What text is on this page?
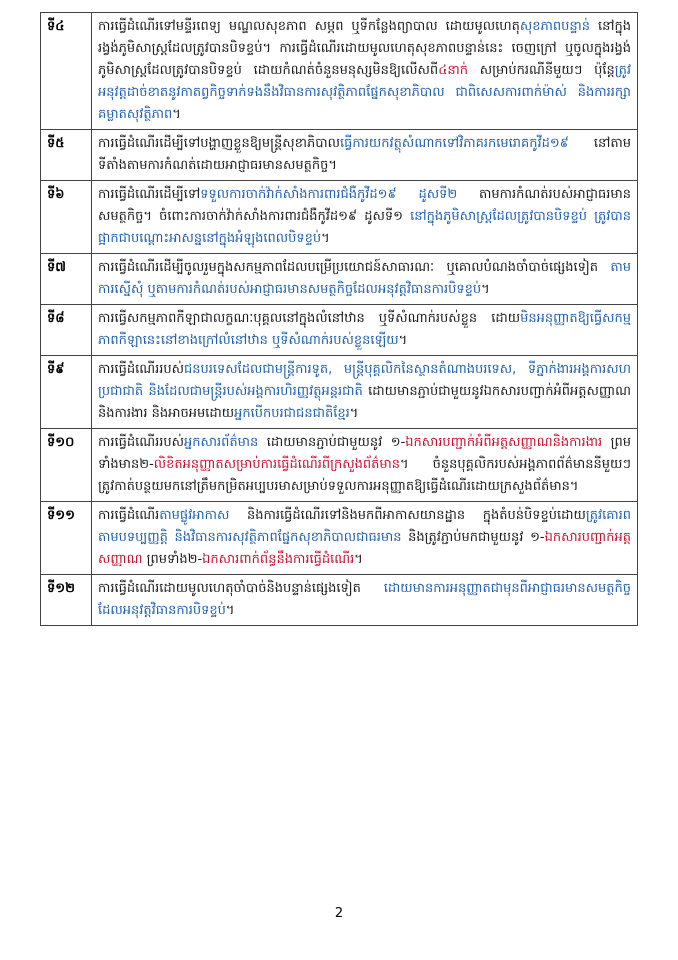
ទី៤	ការធ្វើដំណើរទៅមន្ទីរពេទ្យ មណ្ឌលសុខភាព សម្ភព ឬទីកន្លែងព្យាបាល ដោយមូលហេតុសុខភាពបន្ទាន់ នៅក្នុងរង្វង់ភូមិសាស្ត្រដែលត្រូវបានបិទខ្ទប់។ ការធ្វើដំណើរដោយមូលហេតុសុខភាពបន្ទាន់នេះ ចេញក្រៅ ឬចូលក្នុងរង្វង់ភូមិសាស្ត្រដែលត្រូវបានបិទខ្ទប់ ដោយកំណត់ចំនួនមនុស្សមិនឱ្យលើសពី៤នាក់ សម្រាប់ករណីនីមួយៗ ប៉ុន្តែត្រូវអនុវត្តដាច់ខាតនូវកាតព្វកិច្ចទាក់ទងនឹងវិធានការសុវត្ថិភាពផ្នែកសុខាភិបាល ជាពិសេសការពាក់ម៉ាស់ និងការរក្សាគម្លាតសុវត្ថិភាព។
ទី៥	ការធ្វើដំណើរដើម្បីទៅបង្ហាញខ្លួនឱ្យមន្ត្រីសុខាភិបាលធ្វើការយកវត្ថុសំណាកទៅវិភាគរកមេរោគកូវីដ១៩ នៅតាមទីតាំងតាមការកំណត់ដោយអាជ្ញាធរមានសមត្ថកិច្ច។
ទី៦	ការធ្វើដំណើរដើម្បីទៅទទួលការចាក់វ៉ាក់សាំងការពារជំងឺកូវីដ១៩ ដូសទី២ តាមការកំណត់របស់អាជ្ញាធរមានសមត្ថកិច្ច។ ចំពោះការចាក់វ៉ាក់សាំងការពារជំងឺកូវីដ១៩ ដូសទី១ នៅក្នុងភូមិសាស្ត្រដែលត្រូវបានបិទខ្ទប់ ត្រូវបានផ្អាកជាបណ្ដោះអាសន្ននៅក្នុងអំឡុងពេលបិទខ្ទប់។
ទី៧	ការធ្វើដំណើរដើម្បីចូលរួមក្នុងសកម្មភាពដែលបម្រើប្រយោជន៍សាធារណៈ ឬគោលបំណងចាំបាច់ផ្សេងទៀត តាមការស្នើសុំ ឬតាមការកំណត់របស់អាជ្ញាធរមានសមត្ថកិច្ចដែលអនុវត្តវិធានការបិទខ្ទប់។
ទី៨	ការធ្វើសកម្មភាពកីឡាជាលក្ខណៈបុគ្គលនៅក្នុងលំនៅឋាន ឬទីសំណាក់របស់ខ្លួន ដោយមិនអនុញ្ញាតឱ្យធ្វើសកម្មភាពកីឡានេះនៅខាងក្រៅលំនៅឋាន ឬទីសំណាក់របស់ខ្លួនឡើយ។
ទី៩	ការធ្វើដំណើររបស់ជនបរទេសដែលជាមន្ត្រីការទូត, មន្ត្រីបុគ្គលិកនៃស្ថានតំណាងបរទេស, ទីភ្នាក់ងារអង្គការសហប្រជាជាតិ និងដែលជាមន្ត្រីរបស់អង្គការហិរញ្ញវត្ថុអន្តរជាតិ ដោយមានភ្ជាប់ជាមួយនូវឯកសារបញ្ជាក់អំពីអត្តសញ្ញាណនិងការងារ និងអាចអមដោយអ្នកបើកបរជាជនជាតិខ្មែរ។
ទី១០	ការធ្វើដំណើររបស់អ្នកសារព័ត៌មាន ដោយមានភ្ជាប់ជាមួយនូវ ១-ឯកសារបញ្ជាក់អំពីអត្តសញ្ញាណនិងការងារ ព្រមទាំងមាន២-លិខិតអនុញ្ញាតសម្រាប់ការធ្វើដំណើរពីក្រសួងព័ត៌មាន។ ចំនួនបុគ្គលិករបស់អង្គភាពព័ត៌មាននីមួយៗ ត្រូវកាត់បន្ថយមកនៅត្រឹមកម្រិតអប្បបរមាសម្រាប់ទទួលការអនុញ្ញាតឱ្យធ្វើដំណើរដោយក្រសួងព័ត៌មាន។
ទី១១	ការធ្វើដំណើរតាមផ្លូវអាកាស និងការធ្វើដំណើរទៅនិងមកពីអាកាសយានដ្ឋាន ក្នុងតំបន់បិទខ្ទប់ដោយត្រូវគោរពតាមបទប្បញ្ញត្តិ និងវិធានការសុវត្ថិភាពផ្នែកសុខាភិបាលជាធរមាន និងត្រូវភ្ជាប់មកជាមួយនូវ ១-ឯកសារបញ្ជាក់អត្តសញ្ញាណ ព្រមទាំង២-ឯកសារពាក់ព័ន្ធនឹងការធ្វើដំណើរ។
ទី១២	ការធ្វើដំណើរដោយមូលហេតុចាំបាច់និងបន្ទាន់ផ្សេងទៀត ដោយមានការអនុញ្ញាតជាមុនពីអាជ្ញាធរមានសមត្ថកិច្ចដែលអនុវត្តវិធានការបិទខ្ទប់។
2
